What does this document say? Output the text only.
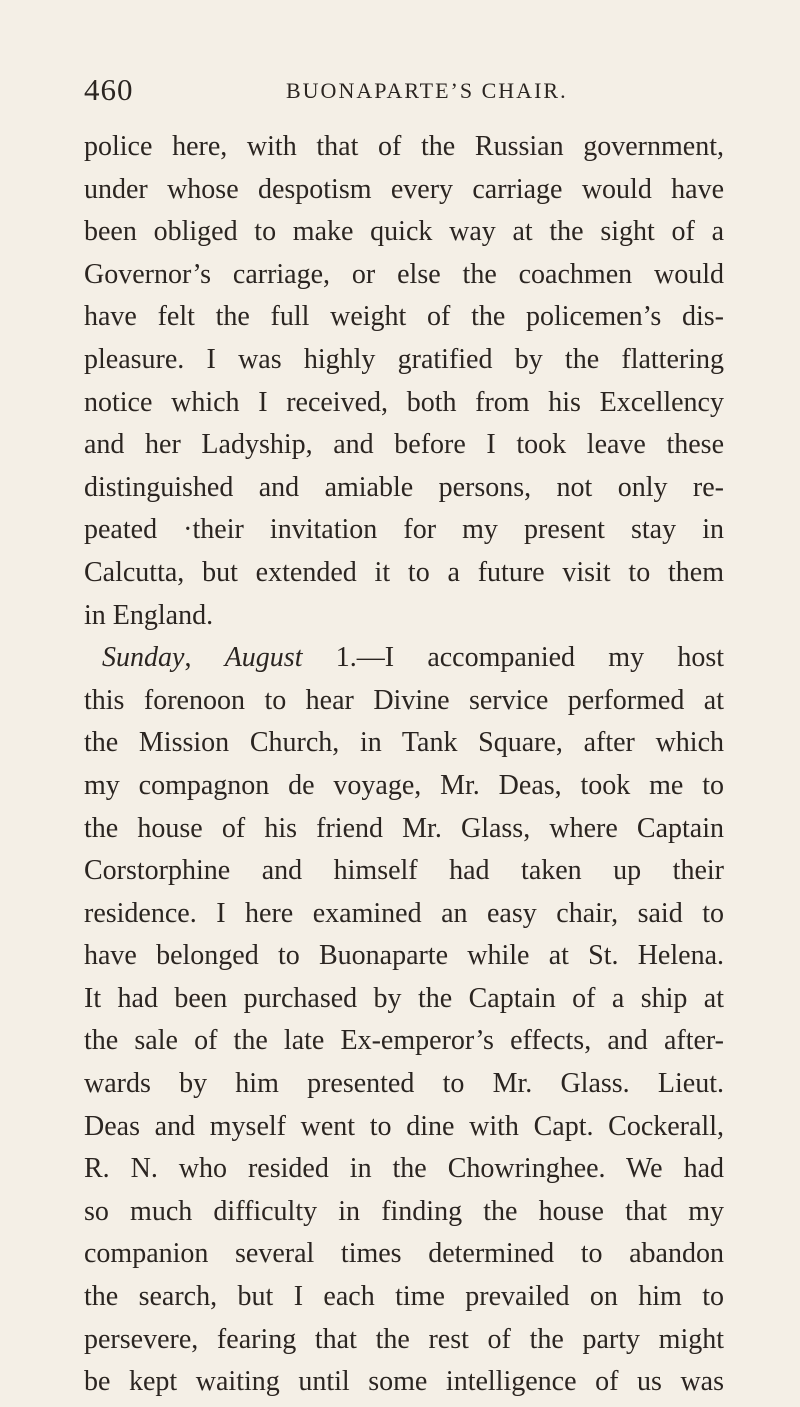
460	BUONAPARTE’S CHAIR.
police here, with that of the Russian government,
under whose despotism every carriage would have
been obliged to make quick way at the sight of a
Governor’s carriage, or else the coachmen would
have felt the full weight of the policemen’s dis-
pleasure. I was highly gratified by the flattering
notice which I received, both from his Excellency
and her Ladyship, and before I took leave these
distinguished and amiable persons, not only re-
peated ·their invitation for my present stay in
Calcutta, but extended it to a future visit to them
in England.
Sunday, August 1.—I accompanied my host
this forenoon to hear Divine service performed at
the Mission Church, in Tank Square, after which
my compagnon de voyage, Mr. Deas, took me to
the house of his friend Mr. Glass, where Captain
Corstorphine and himself had taken up their
residence. I here examined an easy chair, said to
have belonged to Buonaparte while at St. Helena.
It had been purchased by the Captain of a ship at
the sale of the late Ex-emperor’s effects, and after-
wards by him presented to Mr. Glass. Lieut.
Deas and myself went to dine with Capt. Cockerall,
R. N. who resided in the Chowringhee. We had
so much difficulty in finding the house that my
companion several times determined to abandon
the search, but I each time prevailed on him to
persevere, fearing that the rest of the party might
be kept waiting until some intelligence of us was
